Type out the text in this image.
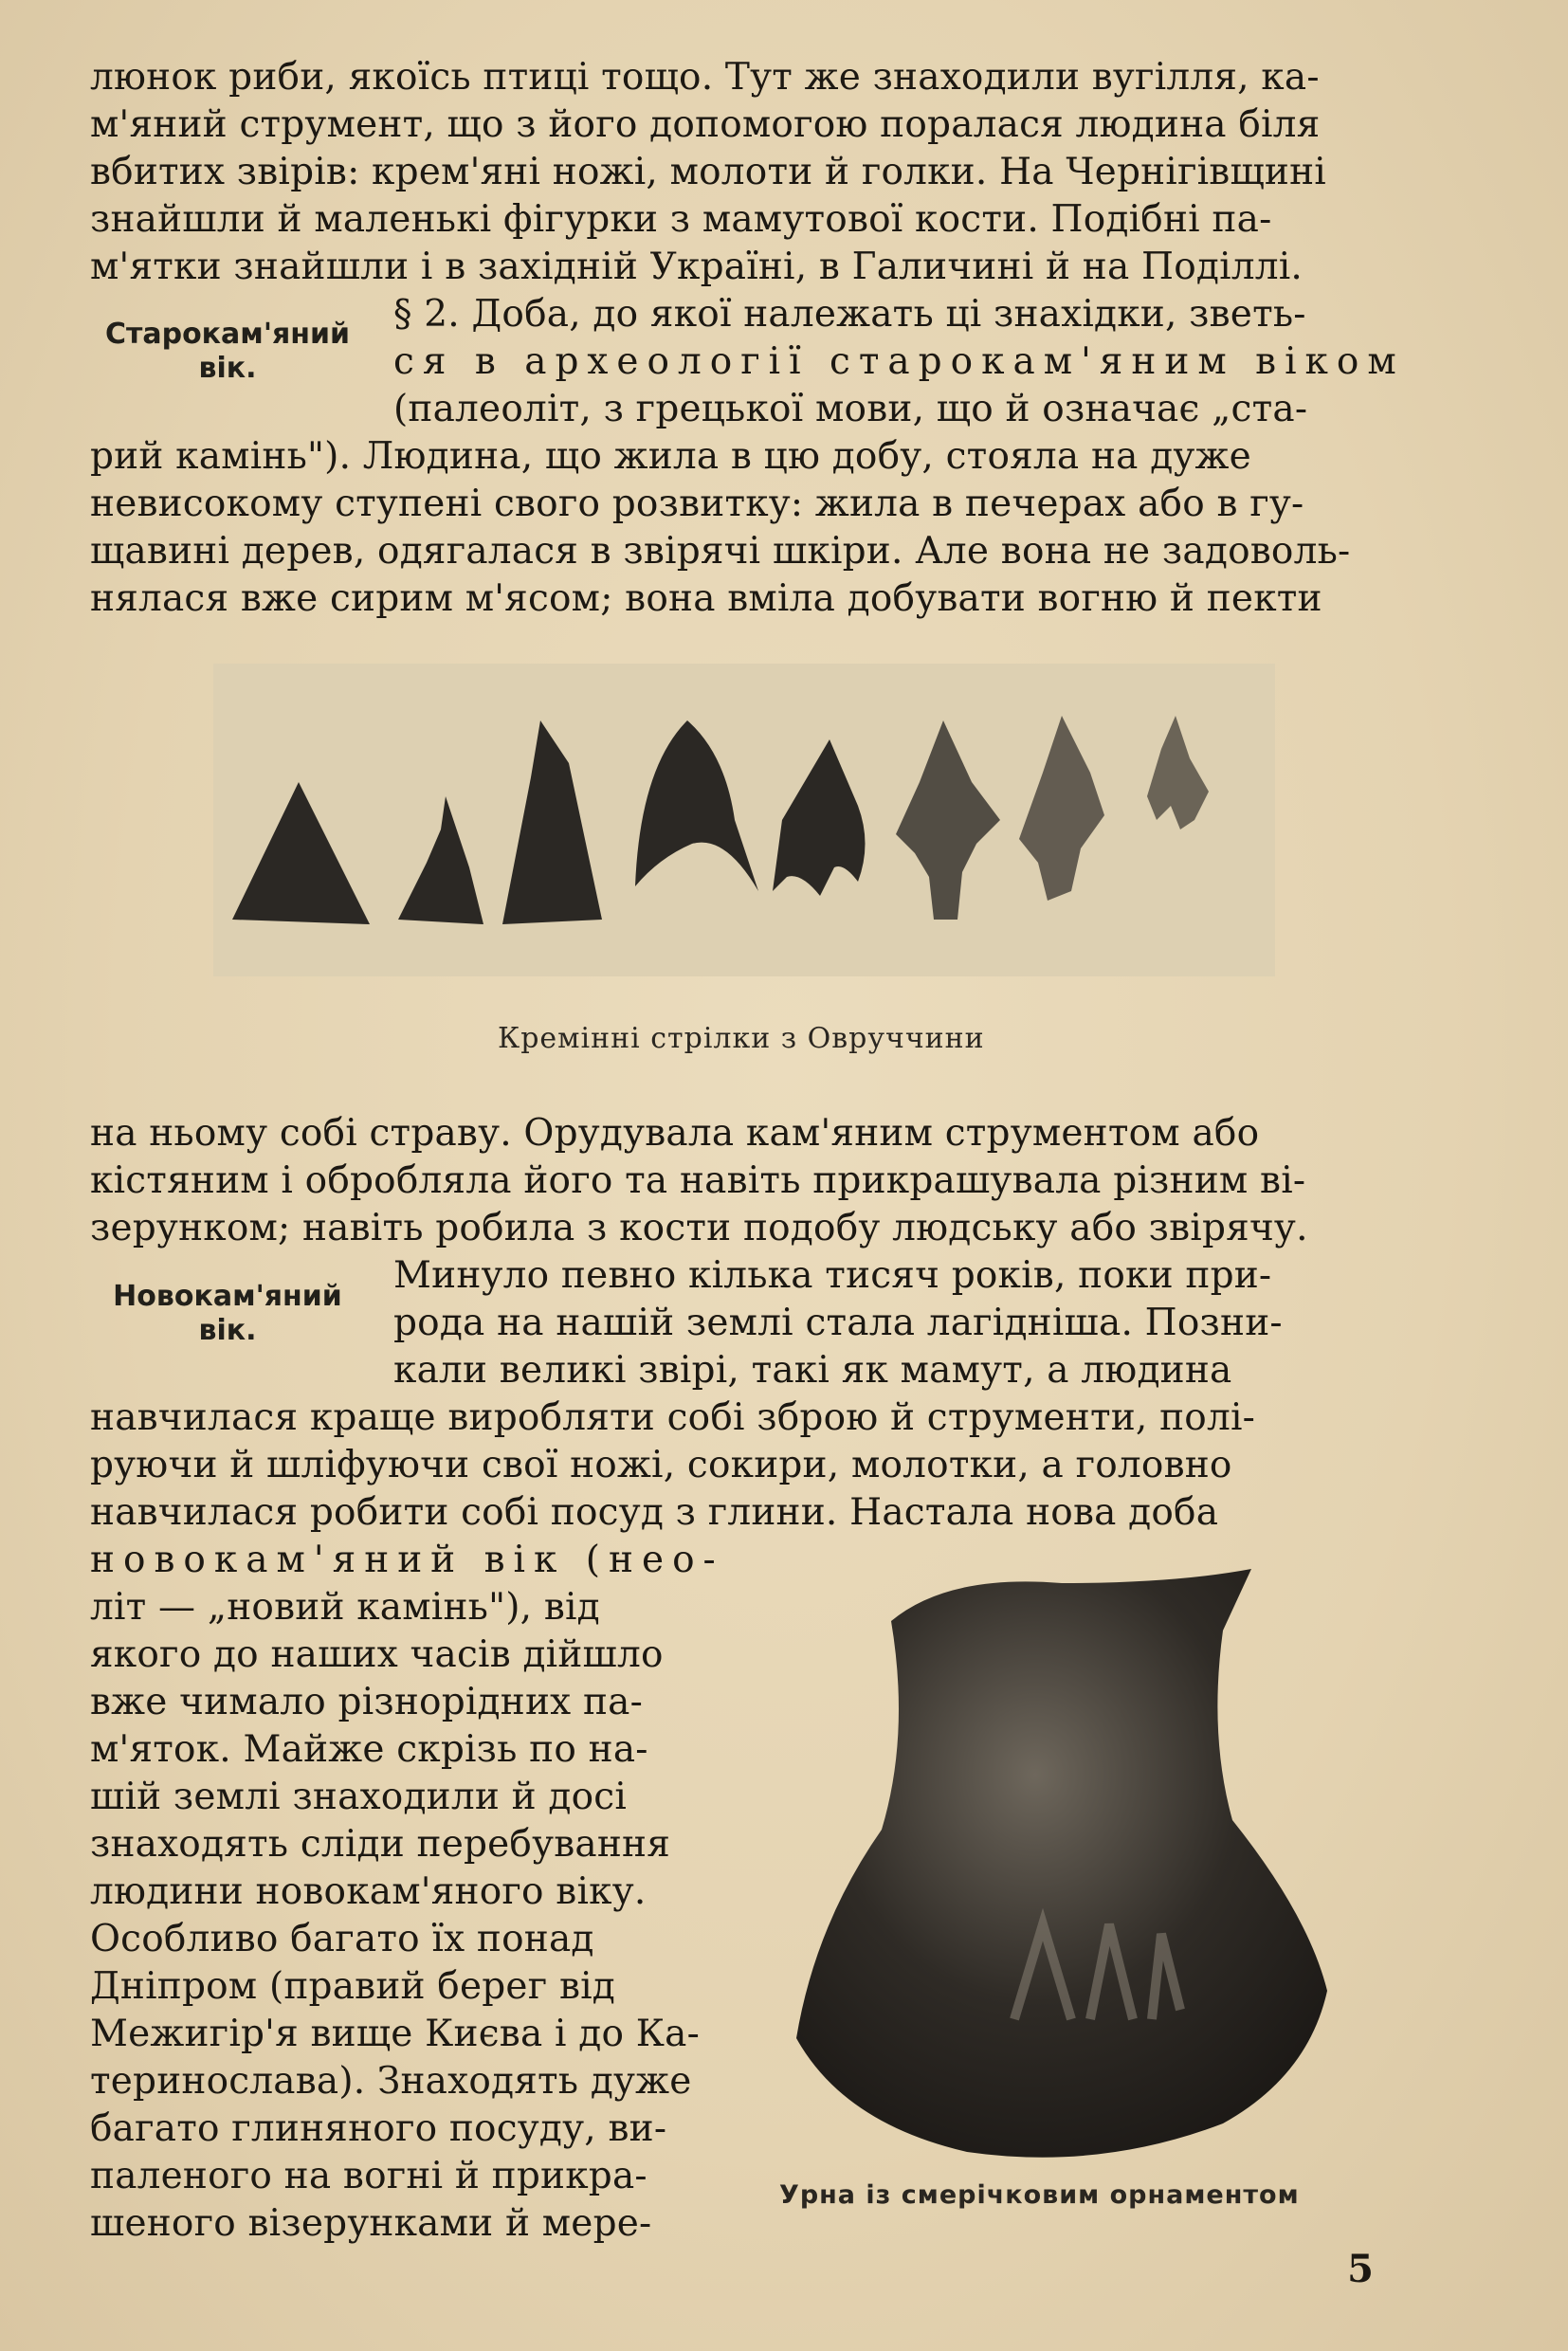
люнок риби, якоїсь птиці тощо. Тут же знаходили вугілля, ка-
м'яний струмент, що з його допомогою поралася людина біля
вбитих звірів: крем'яні ножі, молоти й голки. На Чернігівщині
знайшли й маленькі фігурки з мамутової кости. Подібні па-
м'ятки знайшли і в західній Україні, в Галичині й на Поділлі.
Старокам'яний вік.
§ 2. Доба, до якої належать ці знахідки, зветь-
ся в археології старокам'яним віком
(палеоліт, з грецької мови, що й означає „ста-
рий камінь"). Людина, що жила в цю добу, стояла на дуже
невисокому ступені свого розвитку: жила в печерах або в гу-
щавині дерев, одягалася в звірячі шкіри. Але вона не задоволь-
нялася вже сирим м'ясом; вона вміла добувати вогню й пекти
Кремінні стрілки з Овруччини
на ньому собі страву. Орудувала кам'яним струментом або
кістяним і обробляла його та навіть прикрашувала різним ві-
зерунком; навіть робила з кости подобу людську або звірячу.
Новокам'яний вік.
Минуло певно кілька тисяч років, поки при-
рода на нашій землі стала лагідніша. Позни-
кали великі звірі, такі як мамут, а людина
навчилася краще виробляти собі зброю й струменти, полі-
руючи й шліфуючи свої ножі, сокири, молотки, а головно
навчилася робити собі посуд з глини. Настала нова доба
новокам'яний вік (нео-
літ — „новий камінь"), від
якого до наших часів дійшло
вже чимало різнорідних па-
м'яток. Майже скрізь по на-
шій землі знаходили й досі
знаходять сліди перебування
людини новокам'яного віку.
Особливо багато їх понад
Дніпром (правий берег від
Межигір'я вище Києва і до Ка-
теринослава). Знаходять дуже
багато глиняного посуду, ви-
паленого на вогні й прикра-
шеного візерунками й мере-
Урна із смерічковим орнаментом
5
